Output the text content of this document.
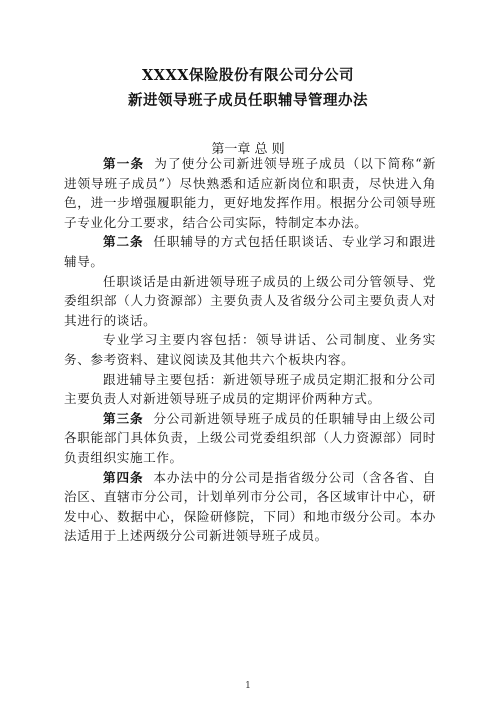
XXXX保险股份有限公司分公司
新进领导班子成员任职辅导管理办法
第一章 总 则

第一条 为了使分公司新进领导班子成员（以下简称“新进领导班子成员”）尽快熟悉和适应新岗位和职责，尽快进入角色，进一步增强履职能力，更好地发挥作用。根据分公司领导班子专业化分工要求，结合公司实际，特制定本办法。

第二条 任职辅导的方式包括任职谈话、专业学习和跟进辅导。

任职谈话是由新进领导班子成员的上级公司分管领导、党委组织部（人力资源部）主要负责人及省级分公司主要负责人对其进行的谈话。

专业学习主要内容包括：领导讲话、公司制度、业务实务、参考资料、建议阅读及其他共六个板块内容。

跟进辅导主要包括：新进领导班子成员定期汇报和分公司主要负责人对新进领导班子成员的定期评价两种方式。

第三条 分公司新进领导班子成员的任职辅导由上级公司各职能部门具体负责，上级公司党委组织部（人力资源部）同时负责组织实施工作。

第四条 本办法中的分公司是指省级分公司（含各省、自治区、直辖市分公司，计划单列市分公司，各区域审计中心，研发中心、数据中心，保险研修院，下同）和地市级分公司。本办法适用于上述两级分公司新进领导班子成员。

1
